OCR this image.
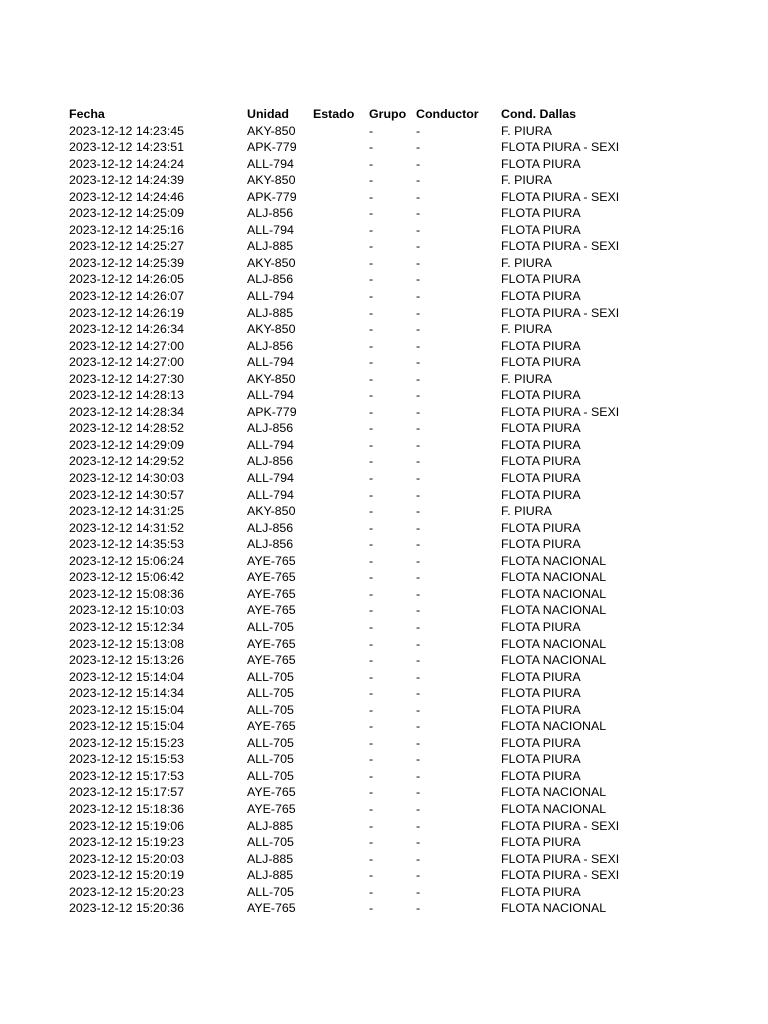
Fecha	Unidad	Estado	Grupo	Conductor	Cond. Dallas
2023-12-12 14:23:45	AKY-850		-	-	F. PIURA
2023-12-12 14:23:51	APK-779		-	-	FLOTA PIURA - SEXI
2023-12-12 14:24:24	ALL-794		-	-	FLOTA PIURA
2023-12-12 14:24:39	AKY-850		-	-	F. PIURA
2023-12-12 14:24:46	APK-779		-	-	FLOTA PIURA - SEXI
2023-12-12 14:25:09	ALJ-856		-	-	FLOTA PIURA
2023-12-12 14:25:16	ALL-794		-	-	FLOTA PIURA
2023-12-12 14:25:27	ALJ-885		-	-	FLOTA PIURA - SEXI
2023-12-12 14:25:39	AKY-850		-	-	F. PIURA
2023-12-12 14:26:05	ALJ-856		-	-	FLOTA PIURA
2023-12-12 14:26:07	ALL-794		-	-	FLOTA PIURA
2023-12-12 14:26:19	ALJ-885		-	-	FLOTA PIURA - SEXI
2023-12-12 14:26:34	AKY-850		-	-	F. PIURA
2023-12-12 14:27:00	ALJ-856		-	-	FLOTA PIURA
2023-12-12 14:27:00	ALL-794		-	-	FLOTA PIURA
2023-12-12 14:27:30	AKY-850		-	-	F. PIURA
2023-12-12 14:28:13	ALL-794		-	-	FLOTA PIURA
2023-12-12 14:28:34	APK-779		-	-	FLOTA PIURA - SEXI
2023-12-12 14:28:52	ALJ-856		-	-	FLOTA PIURA
2023-12-12 14:29:09	ALL-794		-	-	FLOTA PIURA
2023-12-12 14:29:52	ALJ-856		-	-	FLOTA PIURA
2023-12-12 14:30:03	ALL-794		-	-	FLOTA PIURA
2023-12-12 14:30:57	ALL-794		-	-	FLOTA PIURA
2023-12-12 14:31:25	AKY-850		-	-	F. PIURA
2023-12-12 14:31:52	ALJ-856		-	-	FLOTA PIURA
2023-12-12 14:35:53	ALJ-856		-	-	FLOTA PIURA
2023-12-12 15:06:24	AYE-765		-	-	FLOTA NACIONAL
2023-12-12 15:06:42	AYE-765		-	-	FLOTA NACIONAL
2023-12-12 15:08:36	AYE-765		-	-	FLOTA NACIONAL
2023-12-12 15:10:03	AYE-765		-	-	FLOTA NACIONAL
2023-12-12 15:12:34	ALL-705		-	-	FLOTA PIURA
2023-12-12 15:13:08	AYE-765		-	-	FLOTA NACIONAL
2023-12-12 15:13:26	AYE-765		-	-	FLOTA NACIONAL
2023-12-12 15:14:04	ALL-705		-	-	FLOTA PIURA
2023-12-12 15:14:34	ALL-705		-	-	FLOTA PIURA
2023-12-12 15:15:04	ALL-705		-	-	FLOTA PIURA
2023-12-12 15:15:04	AYE-765		-	-	FLOTA NACIONAL
2023-12-12 15:15:23	ALL-705		-	-	FLOTA PIURA
2023-12-12 15:15:53	ALL-705		-	-	FLOTA PIURA
2023-12-12 15:17:53	ALL-705		-	-	FLOTA PIURA
2023-12-12 15:17:57	AYE-765		-	-	FLOTA NACIONAL
2023-12-12 15:18:36	AYE-765		-	-	FLOTA NACIONAL
2023-12-12 15:19:06	ALJ-885		-	-	FLOTA PIURA - SEXI
2023-12-12 15:19:23	ALL-705		-	-	FLOTA PIURA
2023-12-12 15:20:03	ALJ-885		-	-	FLOTA PIURA - SEXI
2023-12-12 15:20:19	ALJ-885		-	-	FLOTA PIURA - SEXI
2023-12-12 15:20:23	ALL-705		-	-	FLOTA PIURA
2023-12-12 15:20:36	AYE-765		-	-	FLOTA NACIONAL
